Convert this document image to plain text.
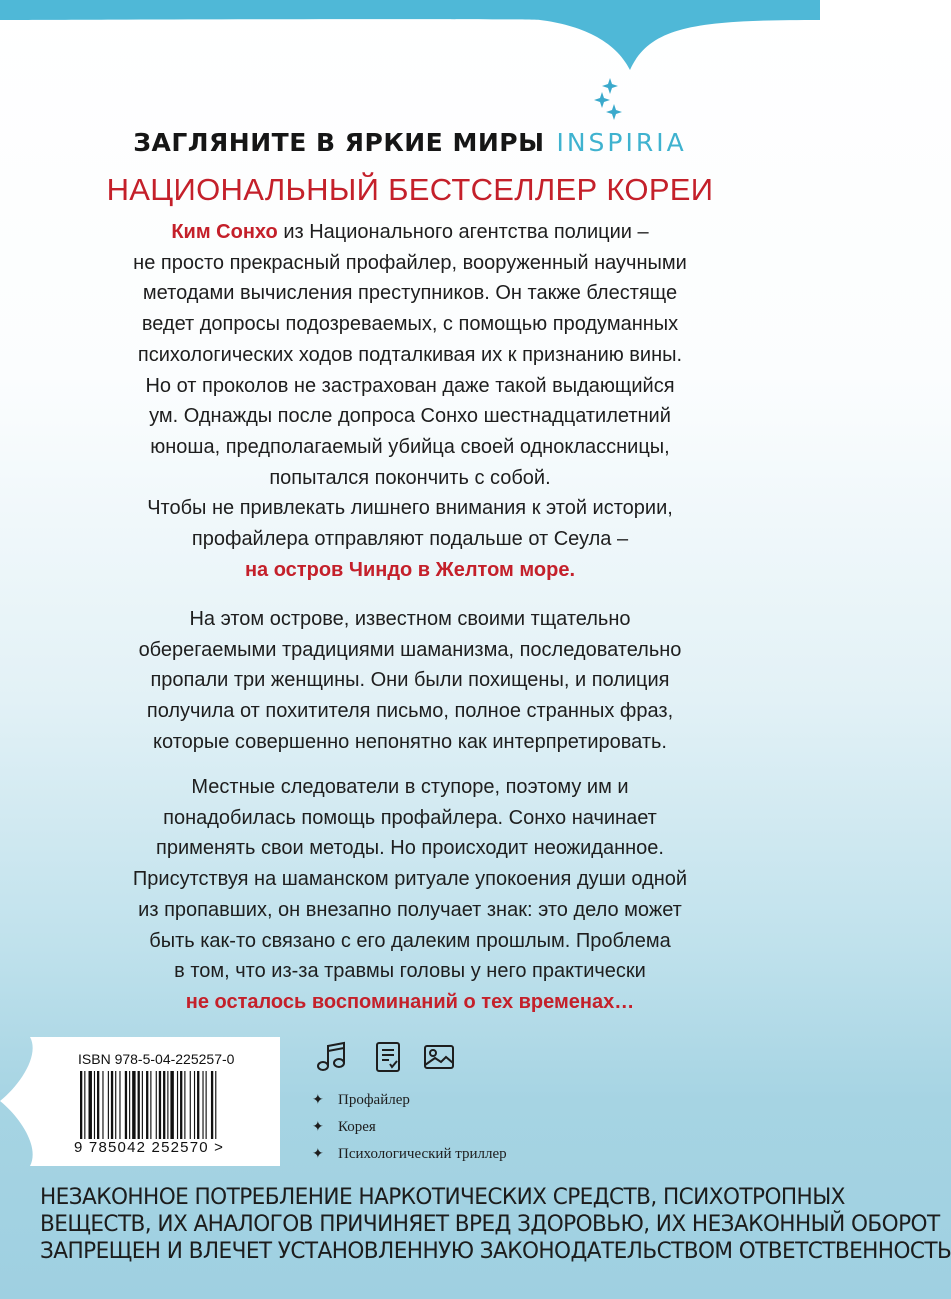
ЗАГЛЯНИТЕ В ЯРКИЕ МИРЫ INSPIRIA
НАЦИОНАЛЬНЫЙ БЕСТСЕЛЛЕР КОРЕИ
Ким Сонхо из Национального агентства полиции –
не просто прекрасный профайлер, вооруженный научными
методами вычисления преступников. Он также блестяще
ведет допросы подозреваемых, с помощью продуманных
психологических ходов подталкивая их к признанию вины.
Но от проколов не застрахован даже такой выдающийся
ум. Однажды после допроса Сонхо шестнадцатилетний
юноша, предполагаемый убийца своей одноклассницы,
попытался покончить с собой.
Чтобы не привлекать лишнего внимания к этой истории,
профайлера отправляют подальше от Сеула –
на остров Чиндо в Желтом море.
На этом острове, известном своими тщательно
оберегаемыми традициями шаманизма, последовательно
пропали три женщины. Они были похищены, и полиция
получила от похитителя письмо, полное странных фраз,
которые совершенно непонятно как интерпретировать.
Местные следователи в ступоре, поэтому им и
понадобилась помощь профайлера. Сонхо начинает
применять свои методы. Но происходит неожиданное.
Присутствуя на шаманском ритуале упокоения души одной
из пропавших, он внезапно получает знак: это дело может
быть как-то связано с его далеким прошлым. Проблема
в том, что из-за травмы головы у него практически
не осталось воспоминаний о тех временах…
ISBN 978-5-04-225257-0
9 785042 252570 >
✦ Профайлер
✦ Корея
✦ Психологический триллер
НЕЗАКОННОЕ ПОТРЕБЛЕНИЕ НАРКОТИЧЕСКИХ СРЕДСТВ, ПСИХОТРОПНЫХ
ВЕЩЕСТВ, ИХ АНАЛОГОВ ПРИЧИНЯЕТ ВРЕД ЗДОРОВЬЮ, ИХ НЕЗАКОННЫЙ ОБОРОТ
ЗАПРЕЩЕН И ВЛЕЧЕТ УСТАНОВЛЕННУЮ ЗАКОНОДАТЕЛЬСТВОМ ОТВЕТСТВЕННОСТЬ
